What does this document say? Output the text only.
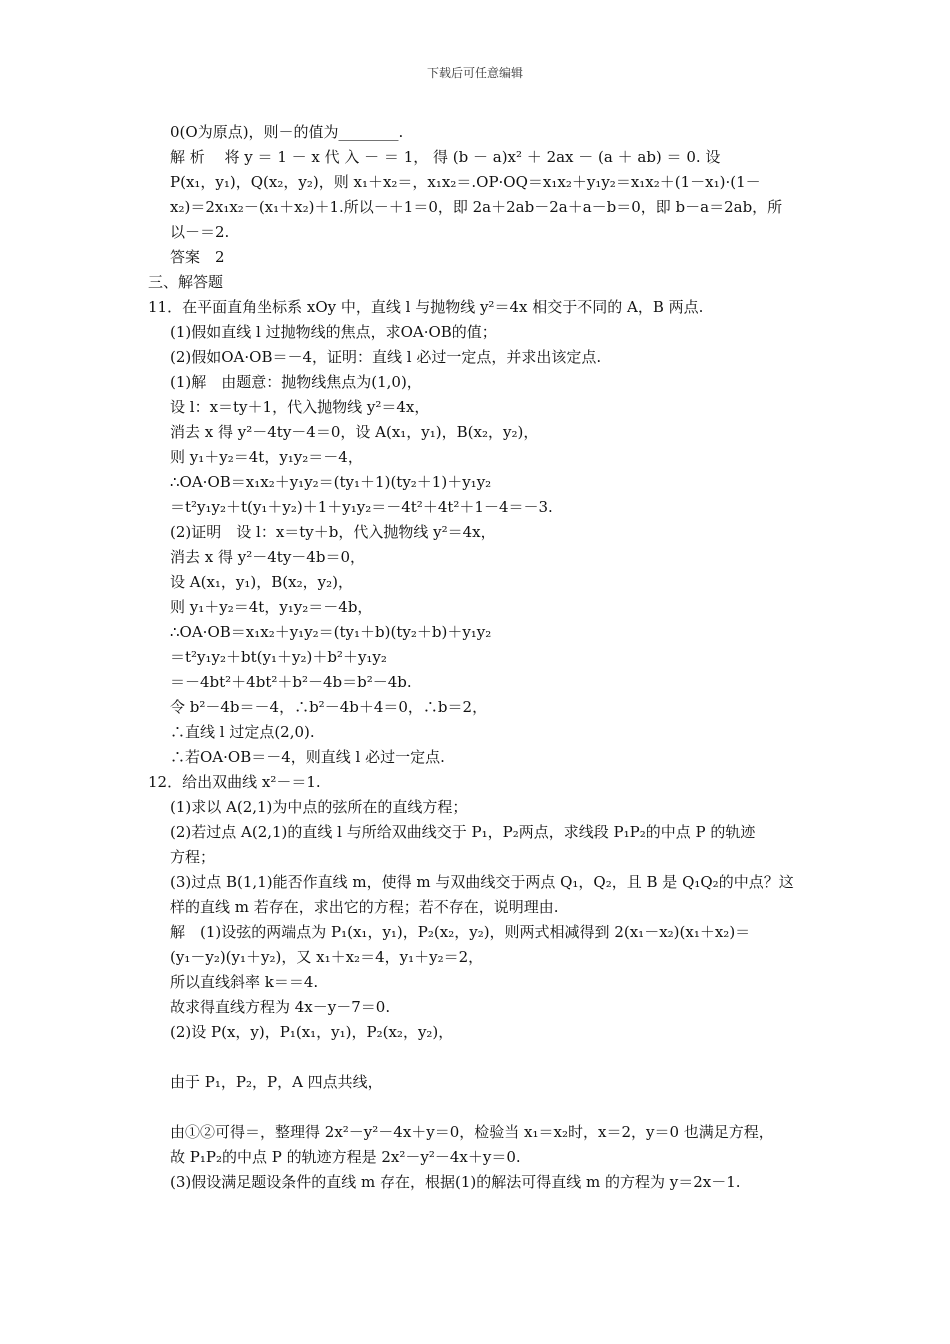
下载后可任意编辑
0(O为原点)，则－的值为________.
解 析　 将 y ＝ 1 － x 代 入 － ＝ 1， 得 (b － a)x² ＋ 2ax － (a ＋ ab) ＝ 0. 设
P(x₁，y₁)，Q(x₂，y₂)，则 x₁＋x₂＝，x₁x₂＝.OP·OQ＝x₁x₂＋y₁y₂＝x₁x₂＋(1－x₁)·(1－
x₂)＝2x₁x₂－(x₁＋x₂)＋1.所以－＋1＝0，即 2a＋2ab－2a＋a－b＝0，即 b－a＝2ab，所
以－＝2.
答案　2
三、解答题
11．在平面直角坐标系 xOy 中，直线 l 与抛物线 y²＝4x 相交于不同的 A，B 两点.
(1)假如直线 l 过抛物线的焦点，求OA·OB的值；
(2)假如OA·OB＝－4，证明：直线 l 必过一定点，并求出该定点.
(1)解　由题意：抛物线焦点为(1,0)，
设 l：x＝ty＋1，代入抛物线 y²＝4x，
消去 x 得 y²－4ty－4＝0，设 A(x₁，y₁)，B(x₂，y₂)，
则 y₁＋y₂＝4t，y₁y₂＝－4，
∴OA·OB＝x₁x₂＋y₁y₂＝(ty₁＋1)(ty₂＋1)＋y₁y₂
＝t²y₁y₂＋t(y₁＋y₂)＋1＋y₁y₂＝－4t²＋4t²＋1－4＝－3.
(2)证明　设 l：x＝ty＋b，代入抛物线 y²＝4x，
消去 x 得 y²－4ty－4b＝0，
设 A(x₁，y₁)，B(x₂，y₂)，
则 y₁＋y₂＝4t，y₁y₂＝－4b，
∴OA·OB＝x₁x₂＋y₁y₂＝(ty₁＋b)(ty₂＋b)＋y₁y₂
＝t²y₁y₂＋bt(y₁＋y₂)＋b²＋y₁y₂
＝－4bt²＋4bt²＋b²－4b＝b²－4b.
令 b²－4b＝－4，∴b²－4b＋4＝0，∴b＝2，
∴直线 l 过定点(2,0).
∴若OA·OB＝－4，则直线 l 必过一定点.
12．给出双曲线 x²－＝1.
(1)求以 A(2,1)为中点的弦所在的直线方程；
(2)若过点 A(2,1)的直线 l 与所给双曲线交于 P₁，P₂两点，求线段 P₁P₂的中点 P 的轨迹
方程；
(3)过点 B(1,1)能否作直线 m，使得 m 与双曲线交于两点 Q₁，Q₂，且 B 是 Q₁Q₂的中点？这
样的直线 m 若存在，求出它的方程；若不存在，说明理由.
解　(1)设弦的两端点为 P₁(x₁，y₁)，P₂(x₂，y₂)，则两式相减得到 2(x₁－x₂)(x₁＋x₂)＝
(y₁－y₂)(y₁＋y₂)，又 x₁＋x₂＝4，y₁＋y₂＝2，
所以直线斜率 k＝＝4.
故求得直线方程为 4x－y－7＝0.
(2)设 P(x，y)，P₁(x₁，y₁)，P₂(x₂，y₂)，

由于 P₁，P₂，P，A 四点共线，

由①②可得＝，整理得 2x²－y²－4x＋y＝0，检验当 x₁＝x₂时，x＝2，y＝0 也满足方程，
故 P₁P₂的中点 P 的轨迹方程是 2x²－y²－4x＋y＝0.
(3)假设满足题设条件的直线 m 存在，根据(1)的解法可得直线 m 的方程为 y＝2x－1.
